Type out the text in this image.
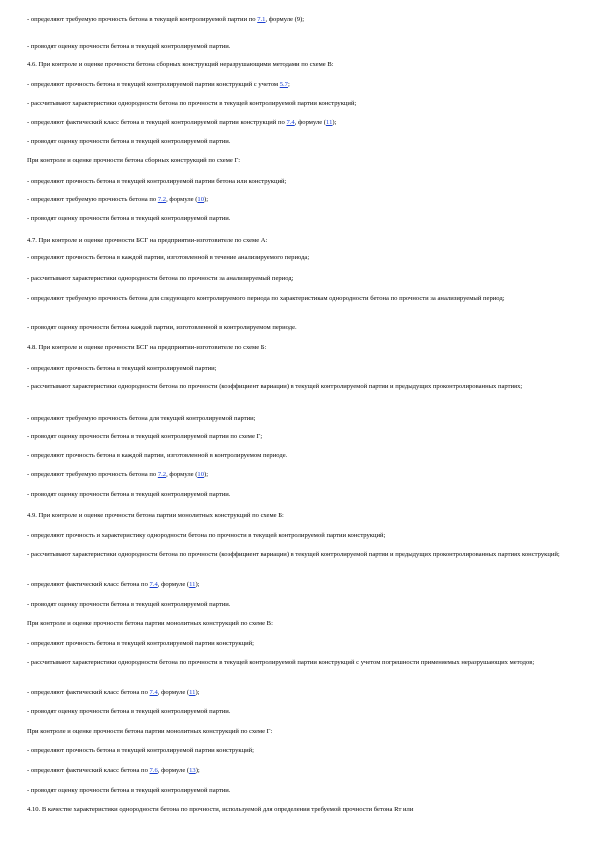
- определяют требуемую прочность бетона в текущей контролируемой партии по 7.1, формуле (9);
- проводят оценку прочности бетона в текущей контролируемой партии.
4.6. При контроле и оценке прочности бетона сборных конструкций неразрушающими методами по схеме В:
- определяют прочность бетона в текущей контролируемой партии конструкций с учетом 5.7;
- рассчитывают характеристики однородности бетона по прочности в текущей контролируемой партии конструкций;
- определяют фактический класс бетона в текущей контролируемой партии конструкций по 7.4, формуле (11);
- проводят оценку прочности бетона в текущей контролируемой партии.
При контроле и оценке прочности бетона сборных конструкций по схеме Г:
- определяют прочность бетона в текущей контролируемой партии бетона или конструкций;
- определяют требуемую прочность бетона по 7.2, формуле (10);
- проводят оценку прочности бетона в текущей контролируемой партии.
4.7. При контроле и оценке прочности БСГ на предприятии-изготовителе по схеме А:
- определяют прочность бетона в каждой партии, изготовленной в течение анализируемого периода;
- рассчитывают характеристики однородности бетона по прочности за анализируемый период;
- определяют требуемую прочность бетона для следующего контролируемого периода по характеристикам однородности бетона по прочности за анализируемый период;
- проводят оценку прочности бетона каждой партии, изготовленной в контролируемом периоде.
4.8. При контроле и оценке прочности БСГ на предприятии-изготовителе по схеме Б:
- определяют прочность бетона в текущей контролируемой партии;
- рассчитывают характеристики однородности бетона по прочности (коэффициент вариации) в текущей контролируемой партии и предыдущих проконтролированных партиях;
- определяют требуемую прочность бетона для текущей контролируемой партии;
- проводят оценку прочности бетона в текущей контролируемой партии по схеме Г;
- определяют прочность бетона в каждой партии, изготовленной в контролируемом периоде.
- определяют требуемую прочность бетона по 7.2, формуле (10);
- проводят оценку прочности бетона в текущей контролируемой партии.
4.9. При контроле и оценке прочности бетона партии монолитных конструкций по схеме Б:
- определяют прочность и характеристику однородности бетона по прочности в текущей контролируемой партии конструкций;
- рассчитывают характеристики однородности бетона по прочности (коэффициент вариации) в текущей контролируемой партии и предыдущих проконтролированных партиях конструкций;
- определяют фактический класс бетона по 7.4, формуле (11);
- проводят оценку прочности бетона в текущей контролируемой партии.
При контроле и оценке прочности бетона партии монолитных конструкций по схеме В:
- определяют прочность бетона в текущей контролируемой партии конструкций;
- рассчитывают характеристики однородности бетона по прочности в текущей контролируемой партии конструкций с учетом погрешности применяемых неразрушающих методов;
- определяют фактический класс бетона по 7.4, формуле (11);
- проводят оценку прочности бетона в текущей контролируемой партии.
При контроле и оценке прочности бетона партии монолитных конструкций по схеме Г:
- определяют прочность бетона в текущей контролируемой партии конструкций;
- определяют фактический класс бетона по 7.6, формуле (13);
- проводят оценку прочности бетона в текущей контролируемой партии.
4.10. В качестве характеристики однородности бетона по прочности, используемой для определения требуемой прочности бетона Rт или
